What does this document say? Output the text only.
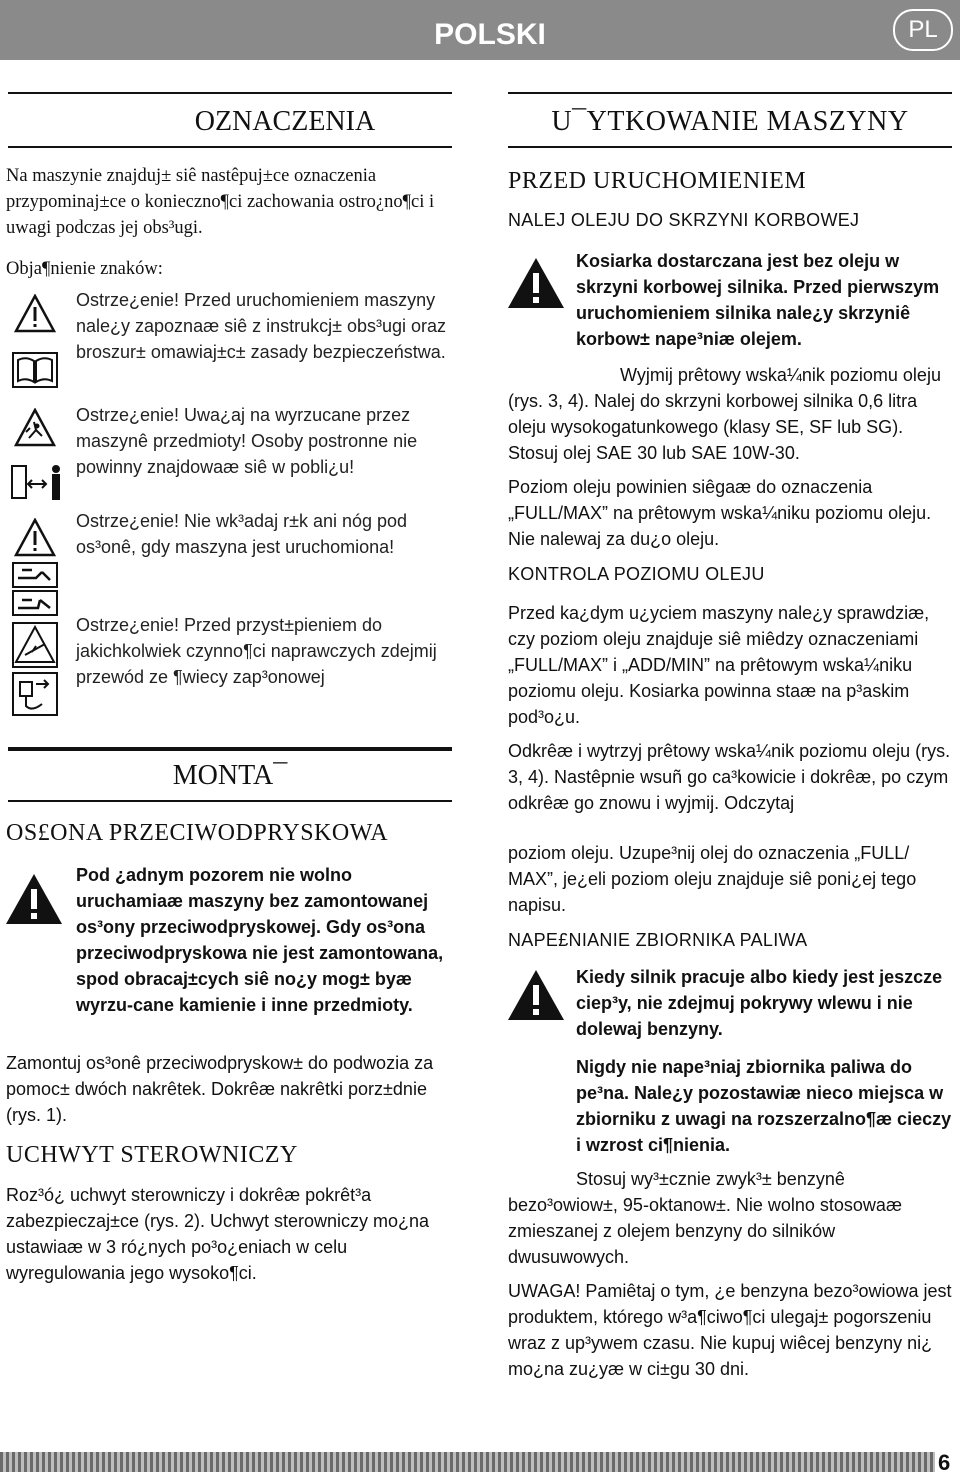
POLSKI	PL
OZNACZENIA
Na maszynie znajduj± siê nastêpuj±ce oznaczenia przypominaj±ce o konieczno¶ci zachowania ostro¿no¶ci i uwagi podczas jej obs³ugi.
Obja¶nienie znaków:
Ostrze¿enie! Przed uruchomieniem maszyny nale¿y zapoznaæ siê z instrukcj± obs³ugi oraz broszur± omawiaj±c± zasady bezpieczeństwa.
Ostrze¿enie! Uwa¿aj na wyrzucane przez maszynê przedmioty! Osoby postronne nie powinny znajdowaæ siê w pobli¿u!
Ostrze¿enie! Nie wk³adaj r±k ani nóg pod os³onê, gdy maszyna jest uruchomiona!
Ostrze¿enie! Przed przyst±pieniem do jakichkolwiek czynno¶ci naprawczych zdejmij przewód ze ¶wiecy zap³onowej
MONTA¯
OS£ONA PRZECIWODPRYSKOWA
Pod ¿adnym pozorem nie wolno uruchamiaæ maszyny bez zamontowanej os³ony przeciwodpryskowej. Gdy os³ona przeciwodpryskowa nie jest zamontowana, spod obracaj±cych siê no¿y mog± byæ wyrzu-cane kamienie i inne przedmioty.
Zamontuj os³onê przeciwodpryskow± do podwozia za pomoc± dwóch nakrêtek. Dokrêæ nakrêtki porz±dnie (rys. 1).
UCHWYT STEROWNICZY
Roz³ó¿ uchwyt sterowniczy i dokrêæ pokrêt³a zabezpieczaj±ce (rys. 2). Uchwyt sterowniczy mo¿na ustawiaæ w 3 ró¿nych po³o¿eniach w celu wyregulowania jego wysoko¶ci.
U¯YTKOWANIE MASZYNY
PRZED URUCHOMIENIEM
NALEJ OLEJU DO SKRZYNI KORBOWEJ
Kosiarka dostarczana jest bez oleju w skrzyni korbowej silnika. Przed pierwszym uruchomieniem silnika nale¿y skrzyniê korbow± nape³niæ olejem.
Wyjmij prêtowy wska¼nik poziomu oleju (rys. 3, 4). Nalej do skrzyni korbowej silnika 0,6 litra oleju wysokogatunkowego (klasy SE, SF lub SG). Stosuj olej SAE 30 lub SAE 10W-30.
Poziom oleju powinien siêgaæ do oznaczenia „FULL/MAX” na prêtowym wska¼niku poziomu oleju. Nie nalewaj za du¿o oleju.
KONTROLA POZIOMU OLEJU
Przed ka¿dym u¿yciem maszyny nale¿y sprawdziæ, czy poziom oleju znajduje siê miêdzy oznaczeniami „FULL/MAX” i „ADD/MIN” na prêtowym wska¼niku poziomu oleju. Kosiarka powinna staæ na p³askim pod³o¿u.
Odkrêæ i wytrzyj prêtowy wska¼nik poziomu oleju (rys. 3, 4). Nastêpnie wsuñ go ca³kowicie i dokrêæ, po czym odkrêæ go znowu i wyjmij. Odczytaj
poziom oleju. Uzupe³nij olej do oznaczenia „FULL/ MAX”, je¿eli poziom oleju znajduje siê poni¿ej tego napisu.
NAPE£NIANIE ZBIORNIKA PALIWA
Kiedy silnik pracuje albo kiedy jest jeszcze ciep³y, nie zdejmuj pokrywy wlewu i nie dolewaj benzyny.
Nigdy nie nape³niaj zbiornika paliwa do pe³na. Nale¿y pozostawiæ nieco miejsca w zbiorniku z uwagi na rozszerzalno¶æ cieczy i wzrost ci¶nienia.
Stosuj wy³±cznie zwyk³± benzynê bezo³owiow±, 95-oktanow±. Nie wolno stosowaæ zmieszanej z olejem benzyny do silników dwusuwowych.
UWAGA! Pamiêtaj o tym, ¿e benzyna bezo³owiowa jest produktem, którego w³a¶ciwo¶ci ulegaj± pogorszeniu wraz z up³ywem czasu. Nie kupuj wiêcej benzyny ni¿ mo¿na zu¿yæ w ci±gu 30 dni.
6
